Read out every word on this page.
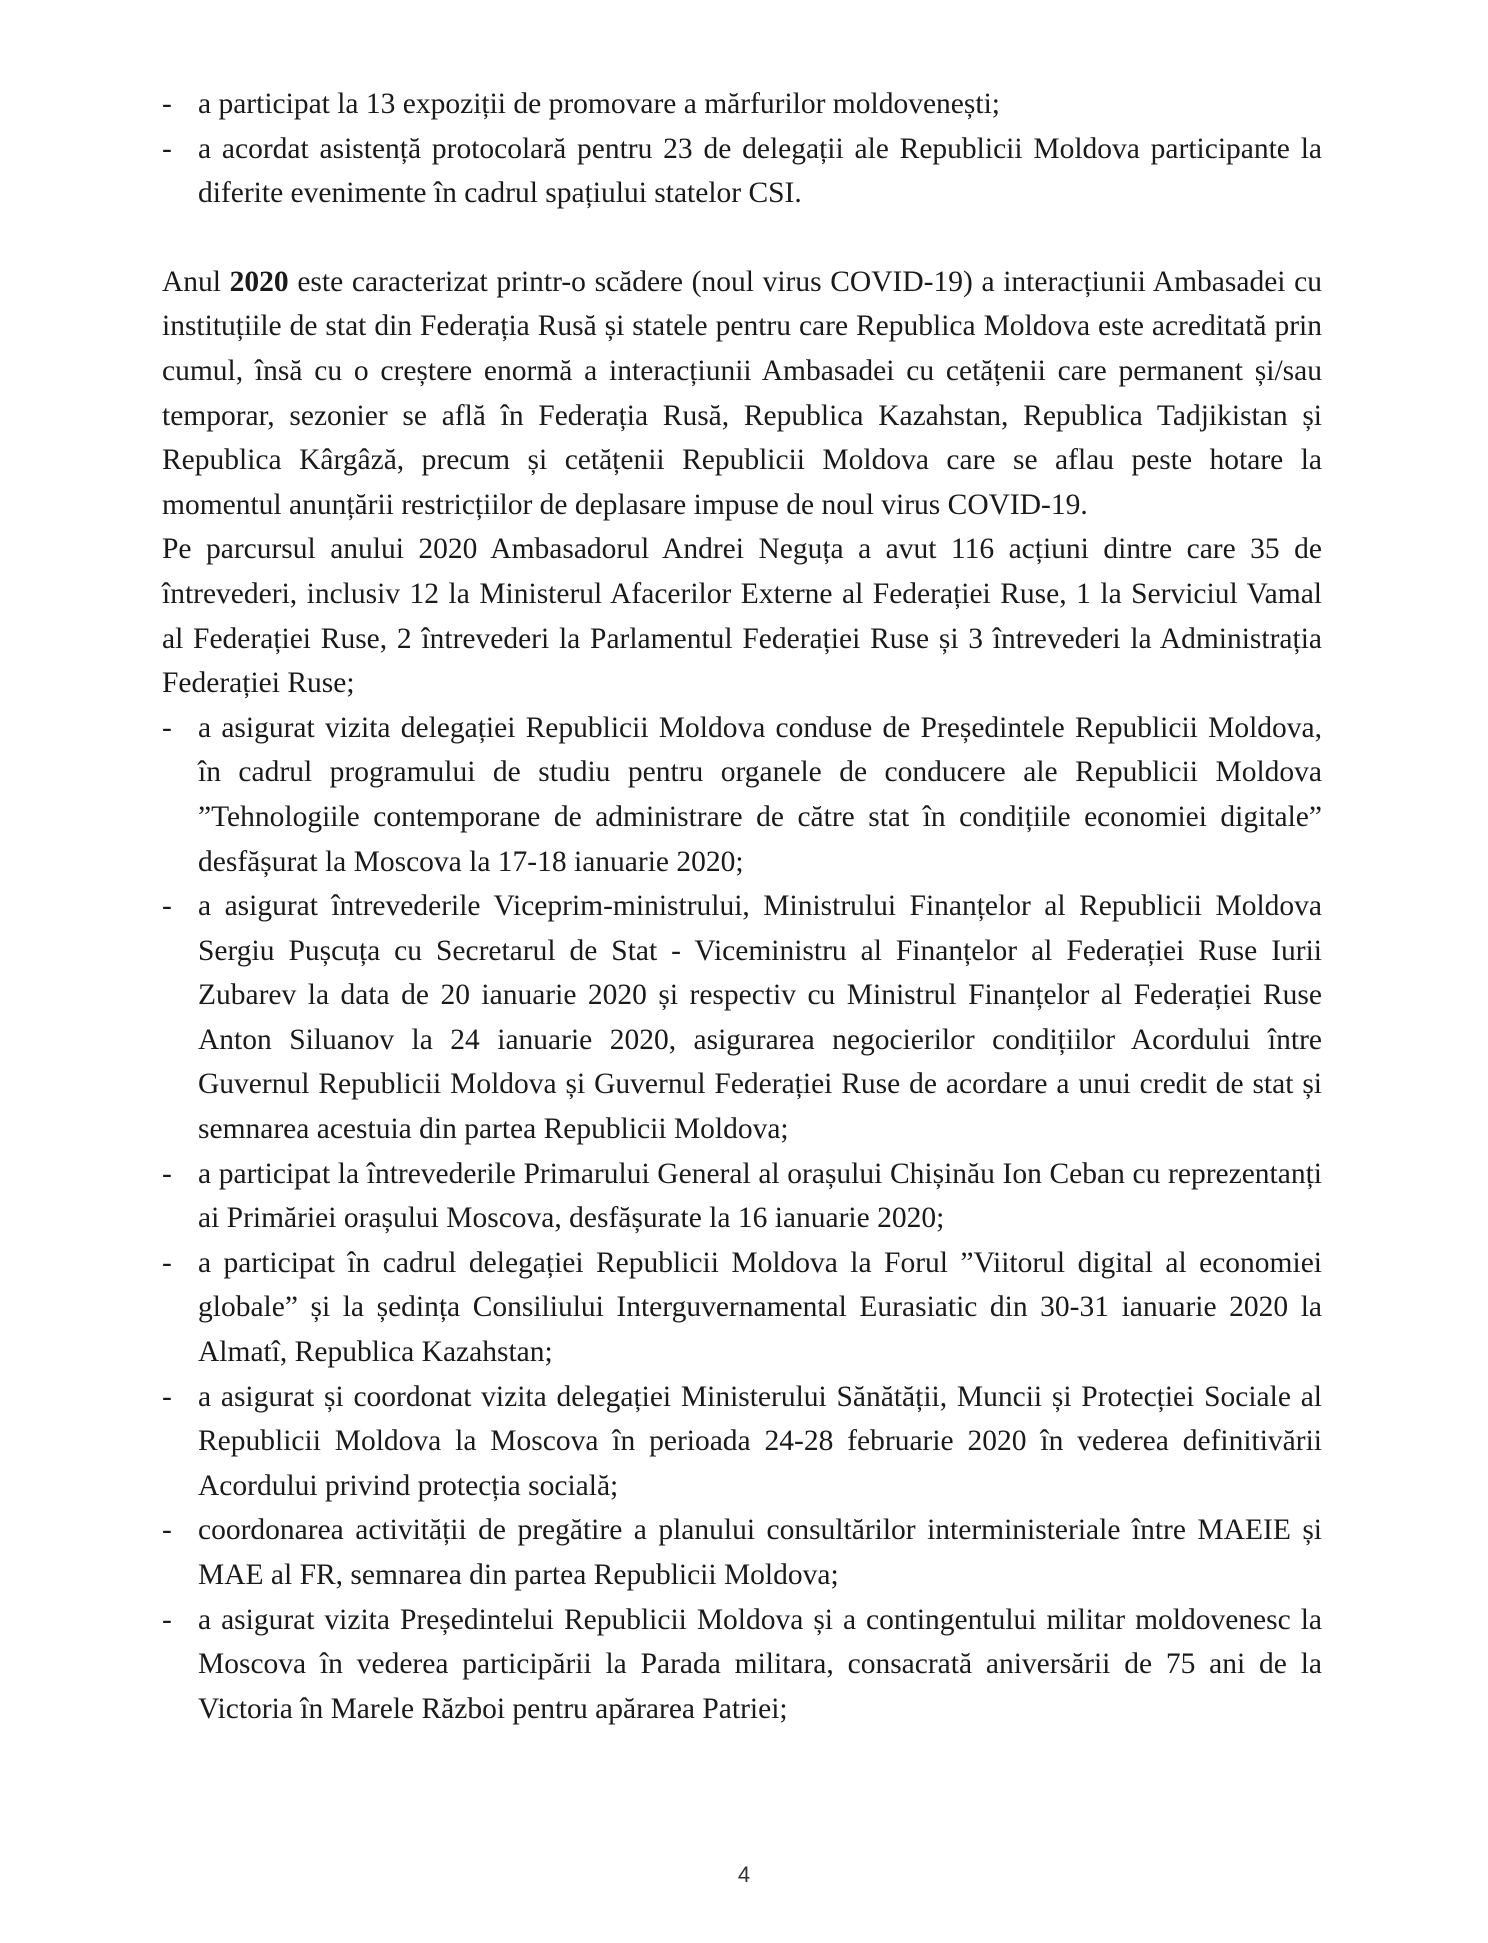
- a participat la 13 expoziții de promovare a mărfurilor moldovenești;
- a acordat asistență protocolară pentru 23 de delegații ale Republicii Moldova participante la diferite evenimente în cadrul spațiului statelor CSI.

Anul 2020 este caracterizat printr-o scădere (noul virus COVID-19) a interacțiunii Ambasadei cu instituțiile de stat din Federația Rusă și statele pentru care Republica Moldova este acreditată prin cumul, însă cu o creștere enormă a interacțiunii Ambasadei cu cetățenii care permanent și/sau temporar, sezonier se află în Federația Rusă, Republica Kazahstan, Republica Tadjikistan și Republica Kârgâză, precum și cetățenii Republicii Moldova care se aflau peste hotare la momentul anunțării restricțiilor de deplasare impuse de noul virus COVID-19.

Pe parcursul anului 2020 Ambasadorul Andrei Neguța a avut 116 acțiuni dintre care 35 de întrevederi, inclusiv 12 la Ministerul Afacerilor Externe al Federației Ruse, 1 la Serviciul Vamal al Federației Ruse, 2 întrevederi la Parlamentul Federației Ruse și 3 întrevederi la Administrația Federației Ruse;

- a asigurat vizita delegației Republicii Moldova conduse de Președintele Republicii Moldova, în cadrul programului de studiu pentru organele de conducere ale Republicii Moldova ”Tehnologiile contemporane de administrare de către stat în condițiile economiei digitale” desfășurat la Moscova la 17-18 ianuarie 2020;
- a asigurat întrevederile Viceprim-ministrului, Ministrului Finanțelor al Republicii Moldova Sergiu Pușcuța cu Secretarul de Stat - Viceministru al Finanțelor al Federației Ruse Iurii Zubarev la data de 20 ianuarie 2020 și respectiv cu Ministrul Finanțelor al Federației Ruse Anton Siluanov la 24 ianuarie 2020, asigurarea negocierilor condițiilor Acordului între Guvernul Republicii Moldova și Guvernul Federației Ruse de acordare a unui credit de stat și semnarea acestuia din partea Republicii Moldova;
- a participat la întrevederile Primarului General al orașului Chișinău Ion Ceban cu reprezentanți ai Primăriei orașului Moscova, desfășurate la 16 ianuarie 2020;
- a participat în cadrul delegației Republicii Moldova la Forul ”Viitorul digital al economiei globale” și la ședința Consiliului Interguvernamental Eurasiatic din 30-31 ianuarie 2020 la Almatî, Republica Kazahstan;
- a asigurat și coordonat vizita delegației Ministerului Sănătății, Muncii și Protecției Sociale al Republicii Moldova la Moscova în perioada 24-28 februarie 2020 în vederea definitivării Acordului privind protecția socială;
- coordonarea activității de pregătire a planului consultărilor interministeriale între MAEIE și MAE al FR, semnarea din partea Republicii Moldova;
- a asigurat vizita Președintelui Republicii Moldova și a contingentului militar moldovenesc la Moscova în vederea participării la Parada militara, consacrată aniversării de 75 ani de la Victoria în Marele Război pentru apărarea Patriei;
4
